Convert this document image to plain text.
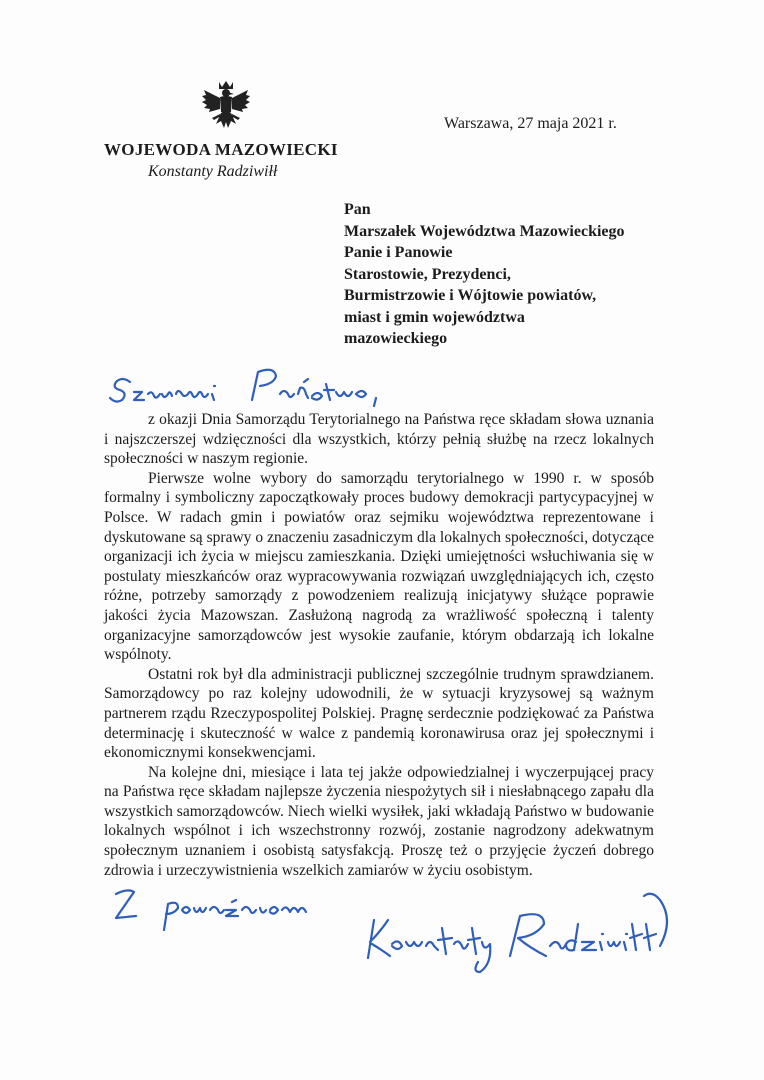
WOJEWODA MAZOWIECKI
Konstanty Radziwiłł
Warszawa, 27 maja 2021 r.
Pan
Marszałek Województwa Mazowieckiego
Panie i Panowie
Starostowie, Prezydenci,
Burmistrzowie i Wójtowie powiatów,
miast i gmin województwa
mazowieckiego

z okazji Dnia Samorządu Terytorialnego na Państwa ręce składam słowa uznania i najszczerszej wdzięczności dla wszystkich, którzy pełnią służbę na rzecz lokalnych społeczności w naszym regionie.

Pierwsze wolne wybory do samorządu terytorialnego w 1990 r. w sposób formalny i symboliczny zapoczątkowały proces budowy demokracji partycypacyjnej w Polsce. W radach gmin i powiatów oraz sejmiku województwa reprezentowane i dyskutowane są sprawy o znaczeniu zasadniczym dla lokalnych społeczności, dotyczące organizacji ich życia w miejscu zamieszkania. Dzięki umiejętności wsłuchiwania się w postulaty mieszkańców oraz wypracowywania rozwiązań uwzględniających ich, często różne, potrzeby samorządy z powodzeniem realizują inicjatywy służące poprawie jakości życia Mazowszan. Zasłużoną nagrodą za wrażliwość społeczną i talenty organizacyjne samorządowców jest wysokie zaufanie, którym obdarzają ich lokalne wspólnoty.

Ostatni rok był dla administracji publicznej szczególnie trudnym sprawdzianem. Samorządowcy po raz kolejny udowodnili, że w sytuacji kryzysowej są ważnym partnerem rządu Rzeczypospolitej Polskiej. Pragnę serdecznie podziękować za Państwa determinację i skuteczność w walce z pandemią koronawirusa oraz jej społecznymi i ekonomicznymi konsekwencjami.

Na kolejne dni, miesiące i lata tej jakże odpowiedzialnej i wyczerpującej pracy na Państwa ręce składam najlepsze życzenia niespożytych sił i niesłabnącego zapału dla wszystkich samorządowców. Niech wielki wysiłek, jaki wkładają Państwo w budowanie lokalnych wspólnot i ich wszechstronny rozwój, zostanie nagrodzony adekwatnym społecznym uznaniem i osobistą satysfakcją. Proszę też o przyjęcie życzeń dobrego zdrowia i urzeczywistnienia wszelkich zamiarów w życiu osobistym.
